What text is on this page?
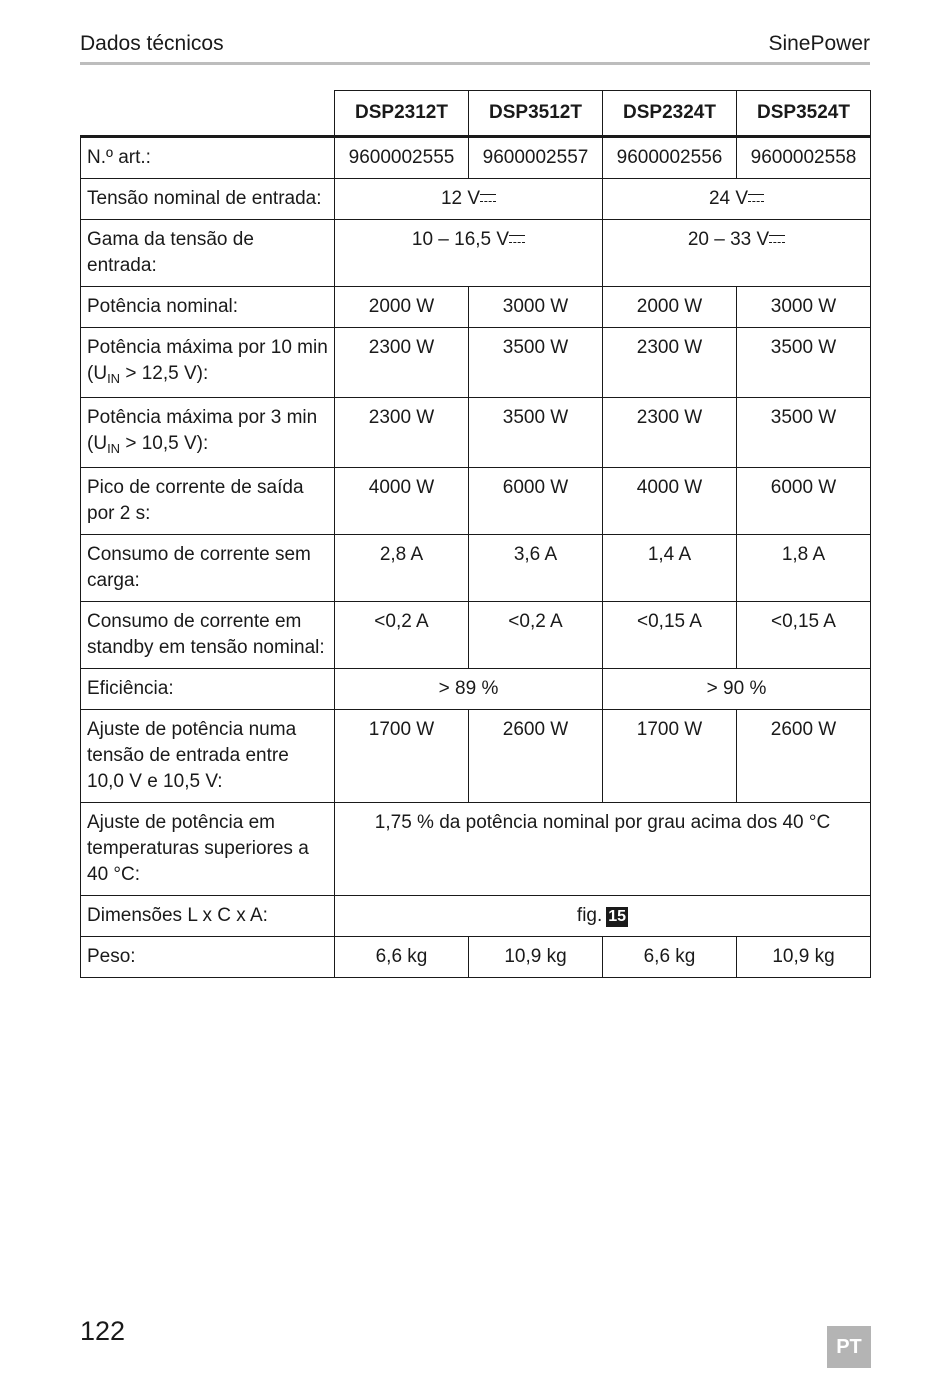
Dados técnicos	SinePower
	DSP2312T	DSP3512T	DSP2324T	DSP3524T
N.º art.:	9600002555	9600002557	9600002556	9600002558
Tensão nominal de entrada:	12 V		24 V	
Gama da tensão de entrada:	10 – 16,5 V		20 – 33 V	
Potência nominal:	2000 W	3000 W	2000 W	3000 W
Potência máxima por 10 $\min (U_{IN} > 12,5$ V):	2300 W	3500 W	2300 W	3500 W
Potência máxima por 3 $\min (U_{IN} > 10,5$ V):	2300 W	3500 W	2300 W	3500 W
Pico de corrente de saída por 2 s:	4000 W	6000 W	4000 W	6000 W
Consumo de corrente sem carga:	2,8 A	3,6 A	1,4 A	1,8 A
Consumo de corrente em standby em tensão nominal:	<0,2 A	<0,2 A	<0,15 A	<0,15 A
Eficiência:	> 89 %		> 90 %	
Ajuste de potência numa tensão de entrada entre 10,0 V e 10,5 V:	1700 W	2600 W	1700 W	2600 W
Ajuste de potência em temperaturas superiores a 40 °C:	1,75 % da potência nominal por grau acima dos 40 °C			
Dimensões L x C x A:	fig. 15			
Peso:	6,6 kg	10,9 kg	6,6 kg	10,9 kg
122
PT
